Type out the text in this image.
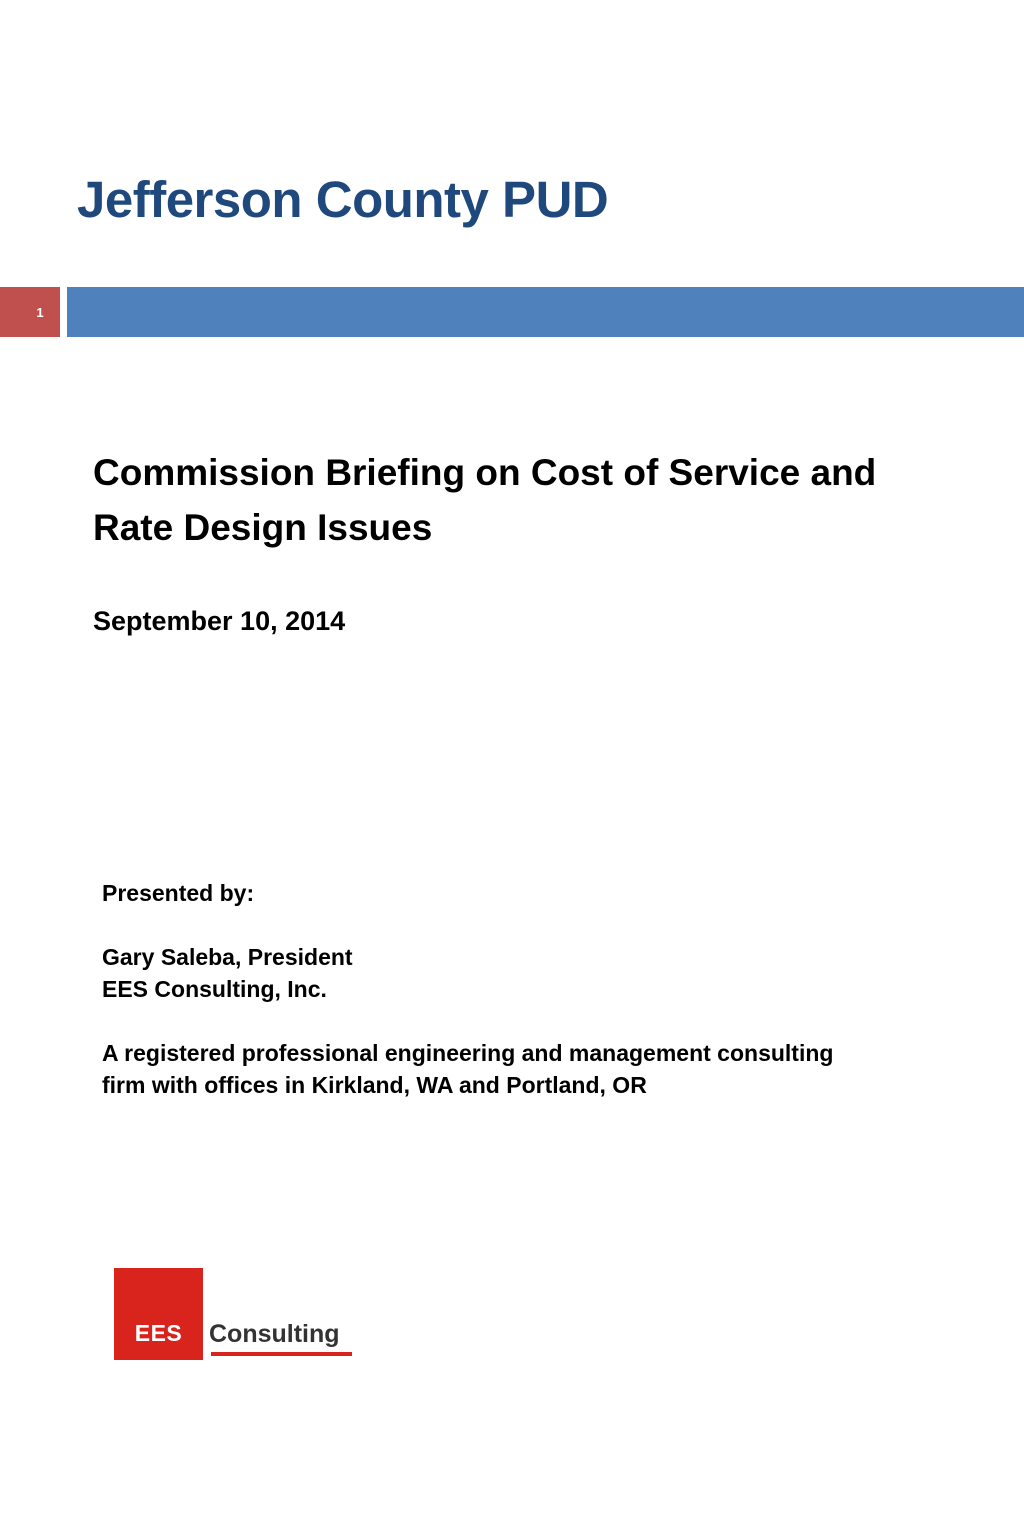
Jefferson County PUD
1
Commission Briefing on Cost of Service and Rate Design Issues

September 10, 2014

Presented by:
Gary Saleba, President
EES Consulting, Inc.
A registered professional engineering and management consulting
firm with offices in Kirkland, WA and Portland, OR
EES	Consulting
